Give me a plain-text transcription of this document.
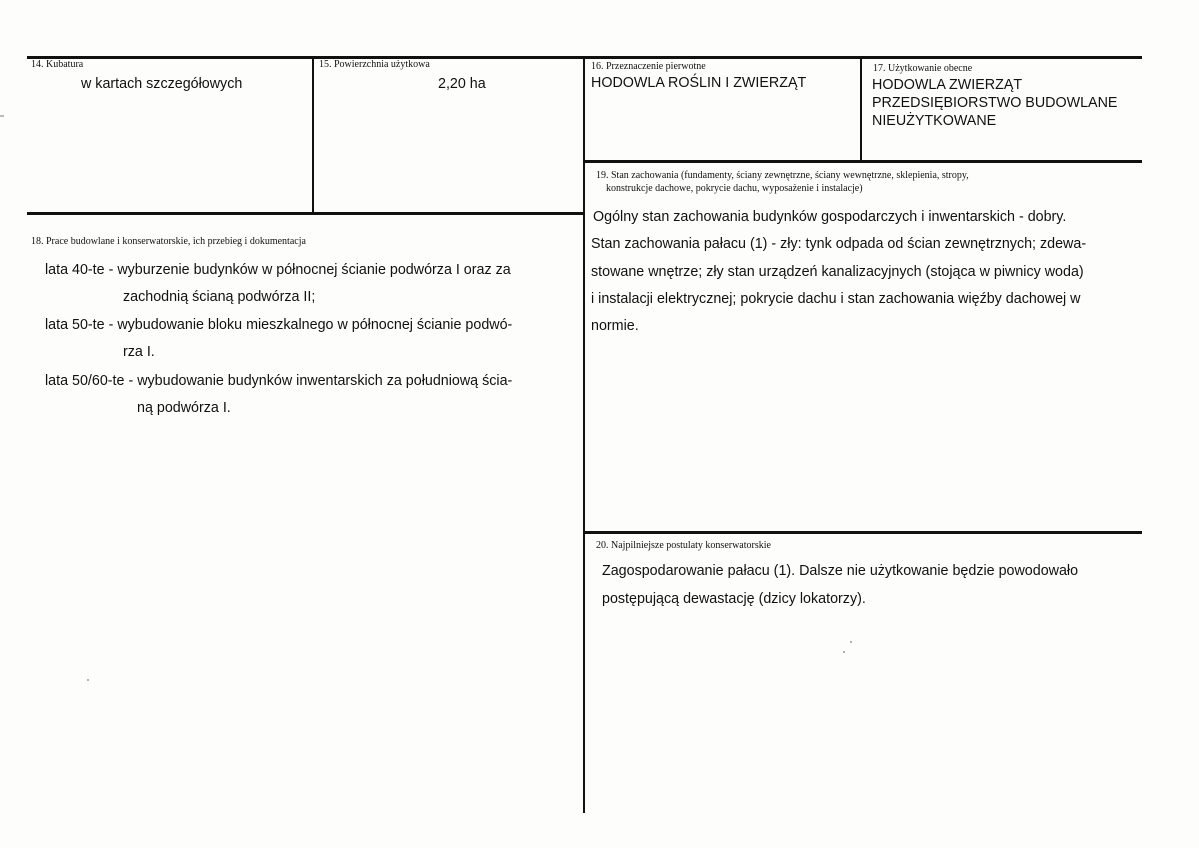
14. Kubatura
w kartach szczegółowych
15. Powierzchnia użytkowa
2,20 ha
16. Przeznaczenie pierwotne
HODOWLA ROŚLIN I ZWIERZĄT
17. Użytkowanie obecne
HODOWLA ZWIERZĄT
PRZEDSIĘBIORSTWO BUDOWLANE
NIEUŻYTKOWANE
18. Prace budowlane i konserwatorskie, ich przebieg i dokumentacja
lata 40-te - wyburzenie budynków w północnej ścianie podwórza I oraz za
zachodnią ścianą podwórza II;
lata 50-te - wybudowanie bloku mieszkalnego w północnej ścianie podwó-
rza I.
lata 50/60-te - wybudowanie budynków inwentarskich za południową ścia-
ną podwórza I.
19. Stan zachowania (fundamenty, ściany zewnętrzne, ściany wewnętrzne, sklepienia, stropy,
konstrukcje dachowe, pokrycie dachu, wyposażenie i instalacje)
Ogólny stan zachowania budynków gospodarczych i inwentarskich - dobry.
Stan zachowania pałacu (1) - zły: tynk odpada od ścian zewnętrznych; zdewa-
stowane wnętrze; zły stan urządzeń kanalizacyjnych (stojąca w piwnicy woda)
i instalacji elektrycznej; pokrycie dachu i stan zachowania więźby dachowej w
normie.
20. Najpilniejsze postulaty konserwatorskie
Zagospodarowanie pałacu (1). Dalsze nie użytkowanie będzie powodowało
postępującą dewastację (dzicy lokatorzy).
